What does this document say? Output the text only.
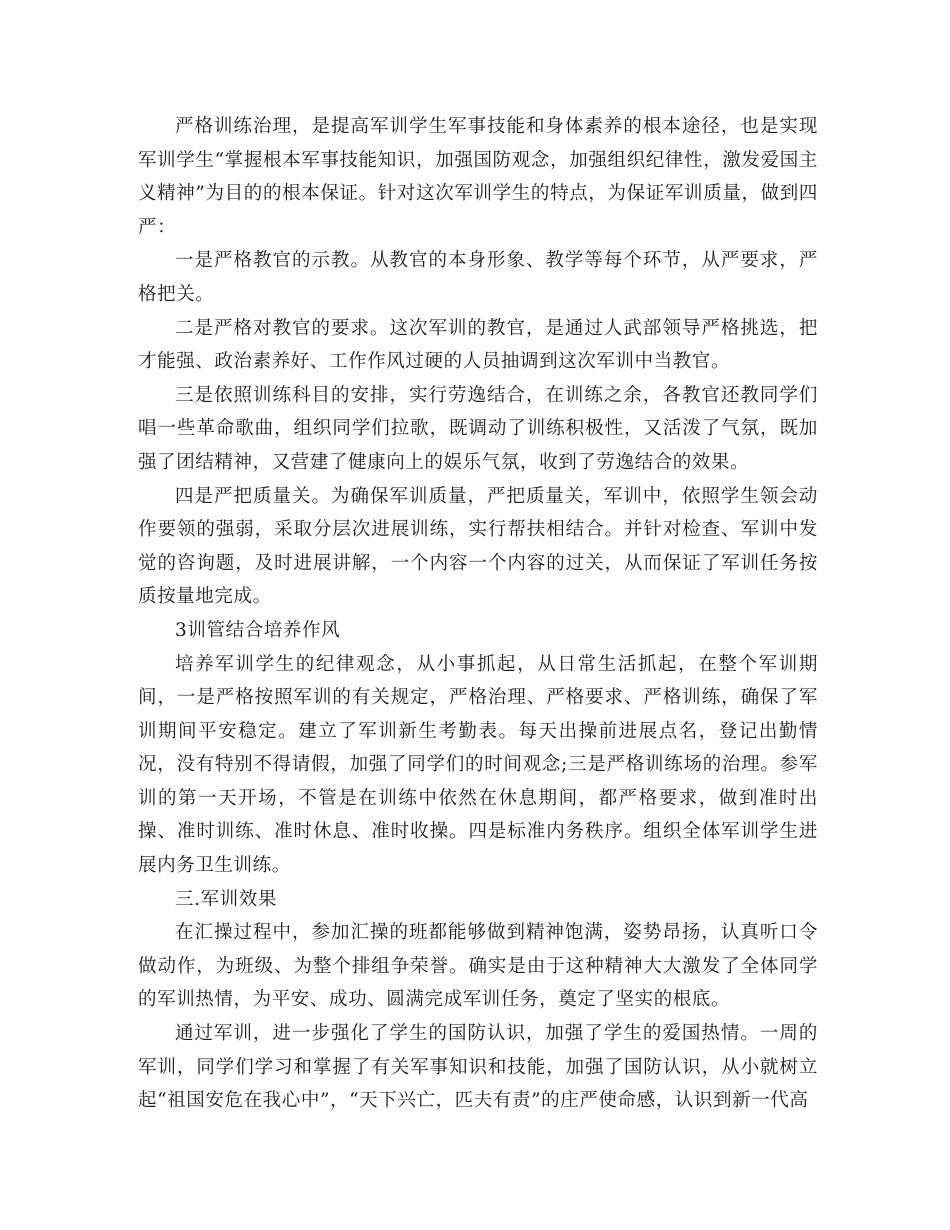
严格训练治理，是提高军训学生军事技能和身体素养的根本途径，也是实现军训学生“掌握根本军事技能知识，加强国防观念，加强组织纪律性，激发爱国主义精神”为目的的根本保证。针对这次军训学生的特点，为保证军训质量，做到四严：

一是严格教官的示教。从教官的本身形象、教学等每个环节，从严要求，严格把关。

二是严格对教官的要求。这次军训的教官，是通过人武部领导严格挑选，把才能强、政治素养好、工作作风过硬的人员抽调到这次军训中当教官。

三是依照训练科目的安排，实行劳逸结合，在训练之余，各教官还教同学们唱一些革命歌曲，组织同学们拉歌，既调动了训练积极性，又活泼了气氛，既加强了团结精神，又营建了健康向上的娱乐气氛，收到了劳逸结合的效果。

四是严把质量关。为确保军训质量，严把质量关，军训中，依照学生领会动作要领的强弱，采取分层次进展训练，实行帮扶相结合。并针对检查、军训中发觉的咨询题，及时进展讲解，一个内容一个内容的过关，从而保证了军训任务按质按量地完成。

3训管结合培养作风

培养军训学生的纪律观念，从小事抓起，从日常生活抓起，在整个军训期间，一是严格按照军训的有关规定，严格治理、严格要求、严格训练，确保了军训期间平安稳定。建立了军训新生考勤表。每天出操前进展点名，登记出勤情况，没有特别不得请假，加强了同学们的时间观念;三是严格训练场的治理。参军训的第一天开场，不管是在训练中依然在休息期间，都严格要求，做到准时出操、准时训练、准时休息、准时收操。四是标准内务秩序。组织全体军训学生进展内务卫生训练。

三.军训效果

在汇操过程中，参加汇操的班都能够做到精神饱满，姿势昂扬，认真听口令做动作，为班级、为整个排组争荣誉。确实是由于这种精神大大激发了全体同学的军训热情，为平安、成功、圆满完成军训任务，奠定了坚实的根底。

通过军训，进一步强化了学生的国防认识，加强了学生的爱国热情。一周的军训，同学们学习和掌握了有关军事知识和技能，加强了国防认识，从小就树立起“祖国安危在我心中”，“天下兴亡，匹夫有责”的庄严使命感，认识到新一代高
